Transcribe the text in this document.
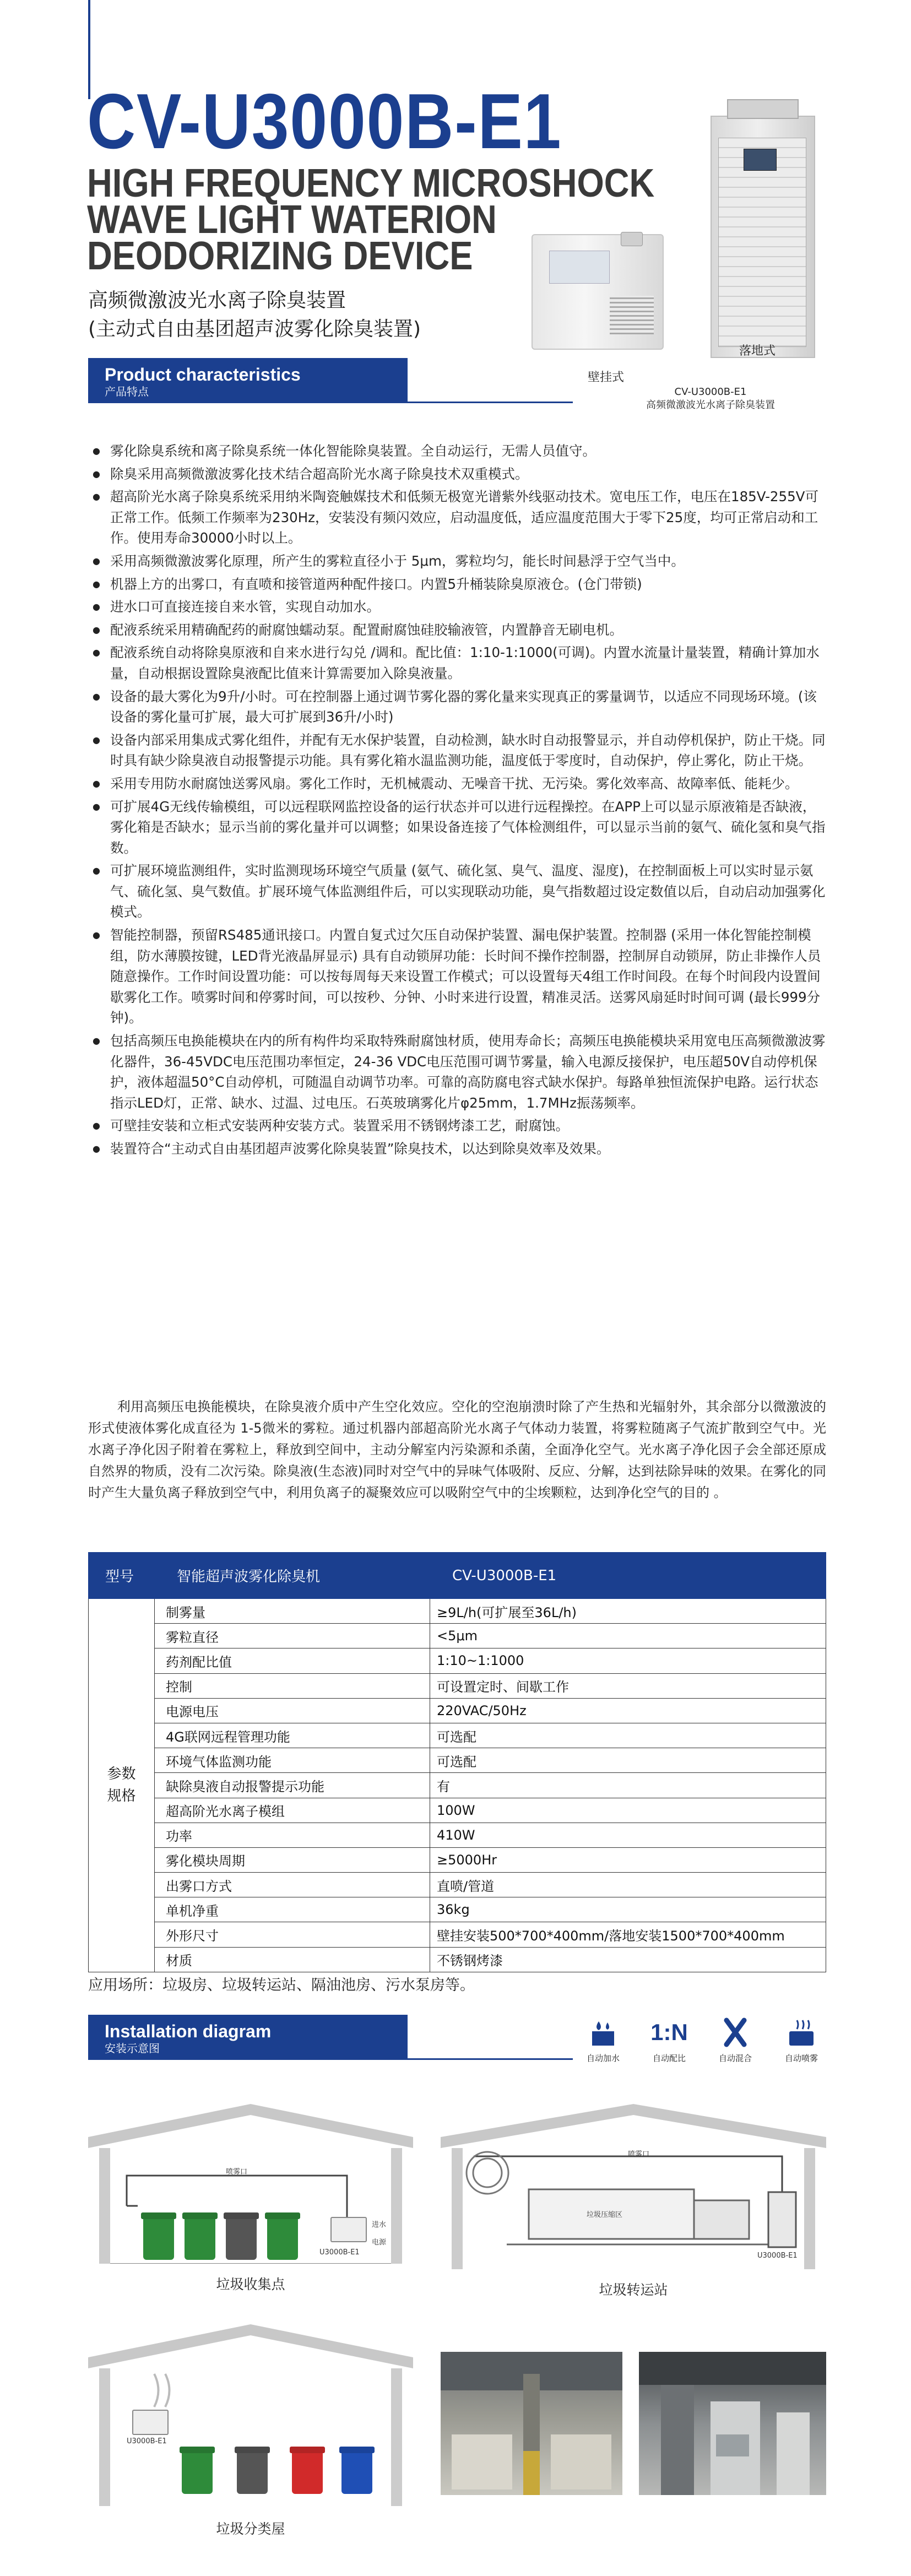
CV-U3000B-E1
HIGH FREQUENCY MICROSHOCK
WAVE LIGHT WATERION
DEODORIZING DEVICE
高频微激波光水离子除臭装置
(主动式自由基团超声波雾化除臭装置)
壁挂式
落地式
CV-U3000B-E1
高频微激波光水离子除臭装置
Product characteristics
产品特点
● 雾化除臭系统和离子除臭系统一体化智能除臭装置。全自动运行，无需人员值守。
● 除臭采用高频微激波雾化技术结合超高阶光水离子除臭技术双重模式。
● 超高阶光水离子除臭系统采用纳米陶瓷触媒技术和低频无极宽光谱紫外线驱动技术。宽电压工作，电压在185V-255V可正常工作。低频工作频率为230Hz，安装没有频闪效应，启动温度低，适应温度范围大于零下25度，均可正常启动和工作。使用寿命30000小时以上。
● 采用高频微激波雾化原理，所产生的雾粒直径小于 5μm，雾粒均匀，能长时间悬浮于空气当中。
● 机器上方的出雾口，有直喷和接管道两种配件接口。内置5升桶装除臭原液仓。(仓门带锁)
● 进水口可直接连接自来水管，实现自动加水。
● 配液系统采用精确配药的耐腐蚀蠕动泵。配置耐腐蚀硅胶输液管，内置静音无刷电机。
● 配液系统自动将除臭原液和自来水进行勾兑 /调和。配比值：1:10-1:1000(可调)。内置水流量计量装置，精确计算加水量，自动根据设置除臭液配比值来计算需要加入除臭液量。
● 设备的最大雾化为9升/小时。可在控制器上通过调节雾化器的雾化量来实现真正的雾量调节，以适应不同现场环境。(该设备的雾化量可扩展，最大可扩展到36升/小时)
● 设备内部采用集成式雾化组件，并配有无水保护装置，自动检测，缺水时自动报警显示，并自动停机保护，防止干烧。同时具有缺少除臭液自动报警提示功能。具有雾化箱水温监测功能，温度低于零度时，自动保护，停止雾化，防止干烧。
● 采用专用防水耐腐蚀送雾风扇。雾化工作时，无机械震动、无噪音干扰、无污染。雾化效率高、故障率低、能耗少。
● 可扩展4G无线传输模组，可以远程联网监控设备的运行状态并可以进行远程操控。在APP上可以显示原液箱是否缺液，雾化箱是否缺水；显示当前的雾化量并可以调整；如果设备连接了气体检测组件，可以显示当前的氨气、硫化氢和臭气指数。
● 可扩展环境监测组件，实时监测现场环境空气质量 (氨气、硫化氢、臭气、温度、湿度)，在控制面板上可以实时显示氨气、硫化氢、臭气数值。扩展环境气体监测组件后，可以实现联动功能，臭气指数超过设定数值以后，自动启动加强雾化模式。
● 智能控制器，预留RS485通讯接口。内置自复式过欠压自动保护装置、漏电保护装置。控制器 (采用一体化智能控制模组，防水薄膜按键，LED背光液晶屏显示) 具有自动锁屏功能：长时间不操作控制器，控制屏自动锁屏，防止非操作人员随意操作。工作时间设置功能：可以按每周每天来设置工作模式；可以设置每天4组工作时间段。在每个时间段内设置间歇雾化工作。喷雾时间和停雾时间，可以按秒、分钟、小时来进行设置，精准灵活。送雾风扇延时时间可调 (最长999分钟)。
● 包括高频压电换能模块在内的所有构件均采取特殊耐腐蚀材质，使用寿命长；高频压电换能模块采用宽电压高频微激波雾化器件，36-45VDC电压范围功率恒定，24-36 VDC电压范围可调节雾量，输入电源反接保护，电压超50V自动停机保护，液体超温50°C自动停机，可随温自动调节功率。可靠的高防腐电容式缺水保护。每路单独恒流保护电路。运行状态指示LED灯，正常、缺水、过温、过电压。石英玻璃雾化片φ25mm，1.7MHz振荡频率。
● 可壁挂安装和立柜式安装两种安装方式。装置采用不锈钢烤漆工艺，耐腐蚀。
● 装置符合“主动式自由基团超声波雾化除臭装置”除臭技术，以达到除臭效率及效果。

利用高频压电换能模块，在除臭液介质中产生空化效应。空化的空泡崩溃时除了产生热和光辐射外，其余部分以微激波的形式使液体雾化成直径为 1-5微米的雾粒。通过机器内部超高阶光水离子气体动力装置，将雾粒随离子气流扩散到空气中。光水离子净化因子附着在雾粒上，释放到空间中，主动分解室内污染源和杀菌，全面净化空气。光水离子净化因子会全部还原成自然界的物质，没有二次污染。除臭液(生态液)同时对空气中的异味气体吸附、反应、分解，达到祛除异味的效果。在雾化的同时产生大量负离子释放到空气中，利用负离子的凝聚效应可以吸附空气中的尘埃颗粒，达到净化空气的目的 。

型号	智能超声波雾化除臭机	CV-U3000B-E1
参数规格	制雾量	≥9L/h(可扩展至36L/h)
	雾粒直径	<5μm
	药剂配比值	1:10~1:1000
	控制	可设置定时、间歇工作
	电源电压	220VAC/50Hz
	4G联网远程管理功能	可选配
	环境气体监测功能	可选配
	缺除臭液自动报警提示功能	有
	超高阶光水离子模组	100W
	功率	410W
	雾化模块周期	≥5000Hr
	出雾口方式	直喷/管道
	单机净重	36kg
	外形尺寸	壁挂安装500*700*400mm/落地安装1500*700*400mm
	材质	不锈钢烤漆
应用场所：垃圾房、垃圾转运站、隔油池房、污水泵房等。
Installation diagram
安装示意图
自动加水
1:N
自动配比	自动混合	自动喷雾
喷雾口
U3000B-E1
进水
电源
垃圾收集点
喷雾口
垃圾压缩区
U3000B-E1
垃圾转运站
U3000B-E1
垃圾分类屋
